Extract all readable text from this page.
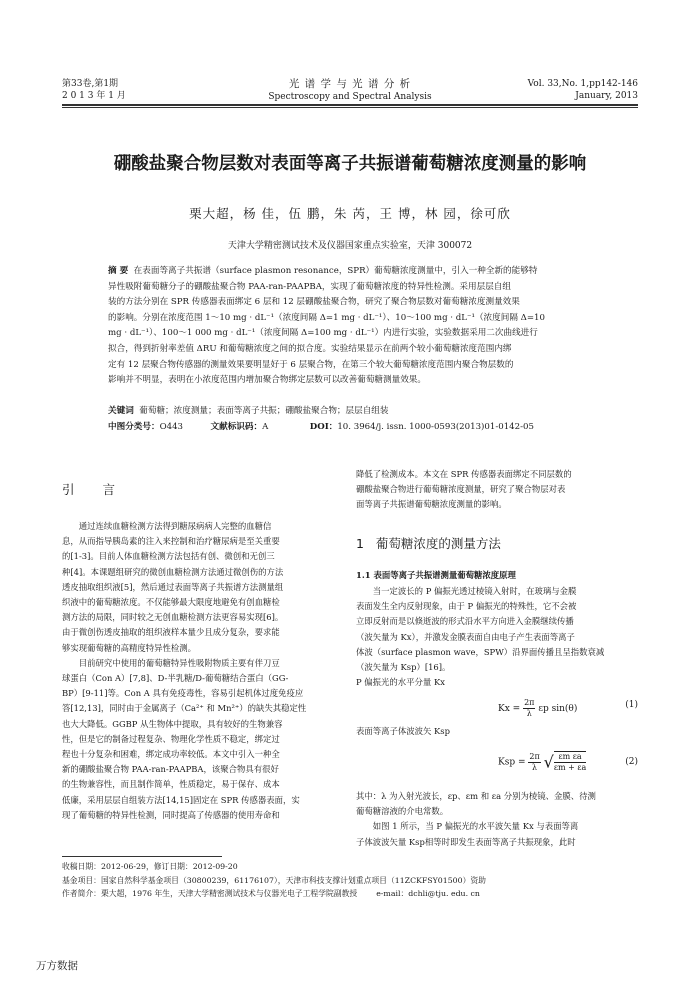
第33卷,第1期
2 0 1 3 年 1 月
光 谱 学 与 光 谱 分 析
Spectroscopy and Spectral Analysis
Vol. 33,No. 1,pp142-146
January, 2013
硼酸盐聚合物层数对表面等离子共振谱葡萄糖浓度测量的影响
栗大超，杨 佳，伍 鹏，朱 芮，王 博，林 园，徐可欣
天津大学精密测试技术及仪器国家重点实验室，天津 300072
摘 要 在表面等离子共振谱（surface plasmon resonance，SPR）葡萄糖浓度测量中，引入一种全新的能够特
异性吸附葡萄糖分子的硼酸盐聚合物 PAA-ran-PAAPBA，实现了葡萄糖浓度的特异性检测。采用层层自组
装的方法分别在 SPR 传感器表面绑定 6 层和 12 层硼酸盐聚合物，研究了聚合物层数对葡萄糖浓度测量效果
的影响。分别在浓度范围 1～10 mg · dL⁻¹（浓度间隔 Δ=1 mg · dL⁻¹）、10～100 mg · dL⁻¹（浓度间隔 Δ=10
mg · dL⁻¹）、100～1 000 mg · dL⁻¹（浓度间隔 Δ=100 mg · dL⁻¹）内进行实验，实验数据采用二次曲线进行
拟合，得到折射率差值 ΔRU 和葡萄糖浓度之间的拟合度。实验结果显示在前两个较小葡萄糖浓度范围内绑
定有 12 层聚合物传感器的测量效果要明显好于 6 层聚合物，在第三个较大葡萄糖浓度范围内聚合物层数的
影响并不明显，表明在小浓度范围内增加聚合物绑定层数可以改善葡萄糖测量效果。
关键词 葡萄糖；浓度测量；表面等离子共振；硼酸盐聚合物；层层自组装
中图分类号：O443	文献标识码：A	DOI：10. 3964/j. issn. 1000-0593(2013)01-0142-05
引 言
通过连续血糖检测方法得到糖尿病病人完整的血糖信
息，从而指导胰岛素的注入来控制和治疗糖尿病是至关重要
的[1-3]。目前人体血糖检测方法包括有创、微创和无创三
种[4]。本课题组研究的微创血糖检测方法通过微创伤的方法
透皮抽取组织液[5]，然后通过表面等离子共振谱方法测量组
织液中的葡萄糖浓度。不仅能够最大限度地避免有创血糖检
测方法的局限，同时较之无创血糖检测方法更容易实现[6]。
由于微创伤透皮抽取的组织液样本量少且成分复杂，要求能
够实现葡萄糖的高精度特异性检测。
目前研究中使用的葡萄糖特异性吸附物质主要有伴刀豆
球蛋白（Con A）[7,8]、D-半乳糖/D-葡萄糖结合蛋白（GG-
BP）[9-11]等。Con A 具有免疫毒性，容易引起机体过度免疫应
答[12,13]，同时由于金属离子（Ca²⁺ 和 Mn²⁺）的缺失其稳定性
也大大降低。GGBP 从生物体中提取，具有较好的生物兼容
性，但是它的制备过程复杂、物理化学性质不稳定，绑定过
程也十分复杂和困难，绑定成功率较低。本文中引入一种全
新的硼酸盐聚合物 PAA-ran-PAAPBA，该聚合物具有很好
的生物兼容性，而且制作简单，性质稳定，易于保存、成本
低廉，采用层层自组装方法[14,15]固定在 SPR 传感器表面，实
现了葡萄糖的特异性检测，同时提高了传感器的使用寿命和
降低了检测成本。本文在 SPR 传感器表面绑定不同层数的
硼酸盐聚合物进行葡萄糖浓度测量，研究了聚合物层对表
面等离子共振谱葡萄糖浓度测量的影响。
1 葡萄糖浓度的测量方法
1.1 表面等离子共振谱测量葡萄糖浓度原理
当一定波长的 P 偏振光透过棱镜入射时，在玻璃与金膜
表面发生全内反射现象，由于 P 偏振光的特殊性，它不会被
立即反射而是以倏逝波的形式沿水平方向进入金膜继续传播
（波矢量为 Kx），并激发金膜表面自由电子产生表面等离子
体波（surface plasmon wave，SPW）沿界面传播且呈指数衰减
（波矢量为 Ksp）[16]。
P 偏振光的水平分量 Kx
$Kx = \frac{2\pi}{\lambda}$ εp sin(θ)	(1)
表面等离子体波波矢 Ksp
Ksp = $\frac{2\pi}{\lambda}$ √ $\frac{\text{εm εa}}{\varepsilon m + \varepsilon a}$	(2)
其中：λ 为入射光波长，εp、εm 和 εa 分别为棱镜、金膜、待测
葡萄糖溶液的介电常数。
如图 1 所示，当 P 偏振光的水平波矢量 Kx 与表面等离
子体波波矢量 Ksp相等时即发生表面等离子共振现象，此时
收稿日期：2012-06-29，修订日期：2012-09-20
基金项目：国家自然科学基金项目（30800239，61176107），天津市科技支撑计划重点项目（11ZCKFSY01500）资助
作者简介：栗大超，1976 年生，天津大学精密测试技术与仪器光电子工程学院副教授 e-mail：dchli@tju. edu. cn
万方数据
